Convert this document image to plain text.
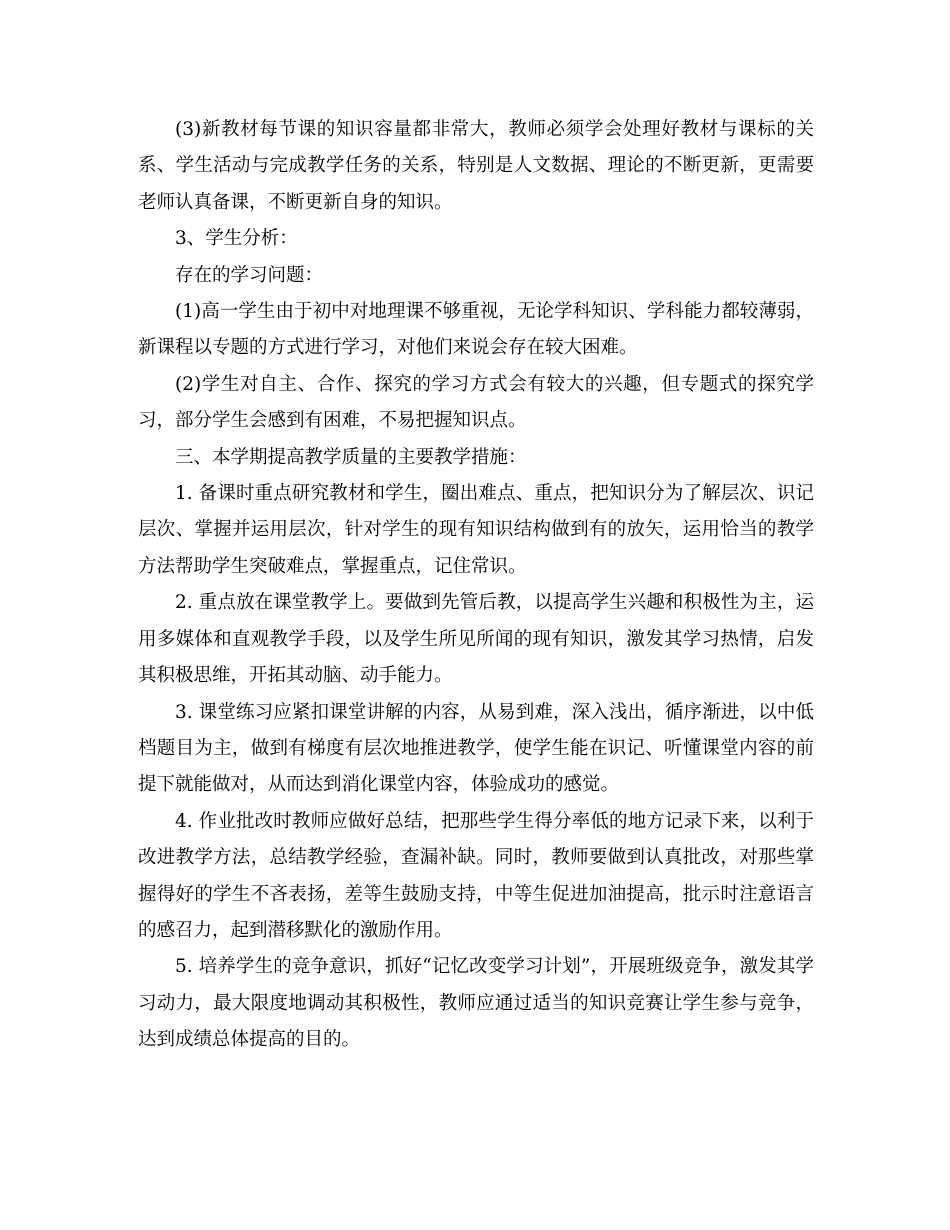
(3)新教材每节课的知识容量都非常大，教师必须学会处理好教材与课标的关系、学生活动与完成教学任务的关系，特别是人文数据、理论的不断更新，更需要老师认真备课，不断更新自身的知识。

3、学生分析：

存在的学习问题：

(1)高一学生由于初中对地理课不够重视，无论学科知识、学科能力都较薄弱，新课程以专题的方式进行学习，对他们来说会存在较大困难。

(2)学生对自主、合作、探究的学习方式会有较大的兴趣，但专题式的探究学习，部分学生会感到有困难，不易把握知识点。

三、本学期提高教学质量的主要教学措施：

1. 备课时重点研究教材和学生，圈出难点、重点，把知识分为了解层次、识记层次、掌握并运用层次，针对学生的现有知识结构做到有的放矢，运用恰当的教学方法帮助学生突破难点，掌握重点，记住常识。

2. 重点放在课堂教学上。要做到先管后教，以提高学生兴趣和积极性为主，运用多媒体和直观教学手段，以及学生所见所闻的现有知识，激发其学习热情，启发其积极思维，开拓其动脑、动手能力。

3. 课堂练习应紧扣课堂讲解的内容，从易到难，深入浅出，循序渐进，以中低档题目为主，做到有梯度有层次地推进教学，使学生能在识记、听懂课堂内容的前提下就能做对，从而达到消化课堂内容，体验成功的感觉。

4. 作业批改时教师应做好总结，把那些学生得分率低的地方记录下来，以利于改进教学方法，总结教学经验，查漏补缺。同时，教师要做到认真批改，对那些掌握得好的学生不吝表扬，差等生鼓励支持，中等生促进加油提高，批示时注意语言的感召力，起到潜移默化的激励作用。

5. 培养学生的竞争意识，抓好“记忆改变学习计划”，开展班级竞争，激发其学习动力，最大限度地调动其积极性，教师应通过适当的知识竞赛让学生参与竞争，达到成绩总体提高的目的。
